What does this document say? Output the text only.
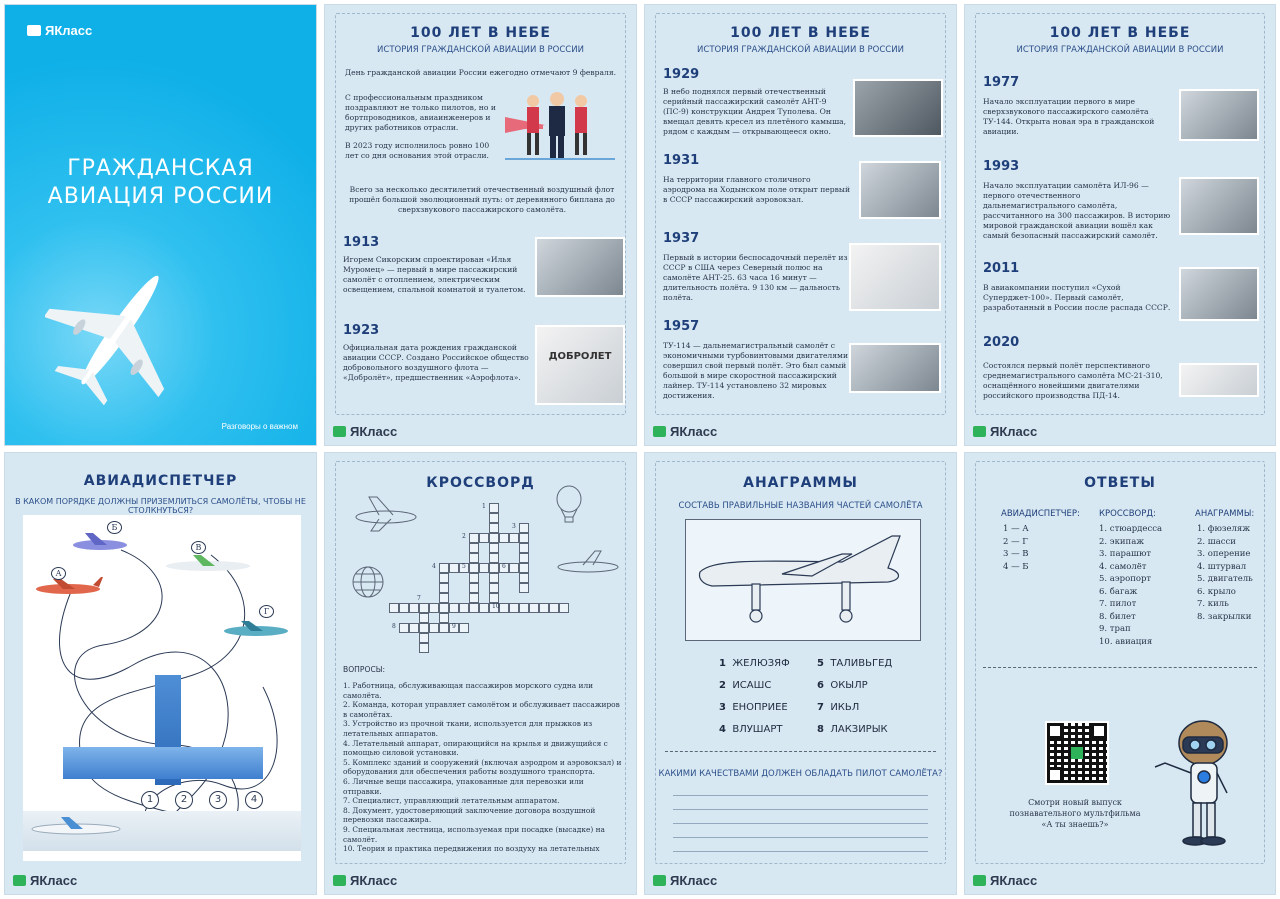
ЯКласс
ГРАЖДАНСКАЯ
АВИАЦИЯ РОССИИ
Разговоры о важном
100 ЛЕТ В НЕБЕ
ИСТОРИЯ ГРАЖДАНСКОЙ АВИАЦИИ В РОССИИ
День гражданской авиации России ежегодно отмечают 9 февраля.
С профессиональным праздником поздравляют не только пилотов, но и бортпроводников, авиаинженеров и других работников отрасли.
В 2023 году исполнилось ровно 100 лет со дня основания этой отрасли.
Всего за несколько десятилетий отечественный воздушный флот прошёл большой эволюционный путь: от деревянного биплана до сверхзвукового пассажирского самолёта.
1913
Игорем Сикорским спроектирован «Илья Муромец» — первый в мире пассажирский самолёт с отоплением, электрическим освещением, спальной комнатой и туалетом.
1923
Официальная дата рождения гражданской авиации СССР. Создано Российское общество добровольного воздушного флота — «Добролёт», предшественник «Аэрофлота».
ДОБРОЛЕТ
ЯКласс
100 ЛЕТ В НЕБЕ
ИСТОРИЯ ГРАЖДАНСКОЙ АВИАЦИИ В РОССИИ
1929
В небо поднялся первый отечественный серийный пассажирский самолёт АНТ-9 (ПС-9) конструкции Андрея Туполева. Он вмещал девять кресел из плетёного камыша, рядом с каждым — открывающееся окно.
1931
На территории главного столичного аэродрома на Ходынском поле открыт первый в СССР пассажирский аэровокзал.
1937
Первый в истории беспосадочный перелёт из СССР в США через Северный полюс на самолёте АНТ-25. 63 часа 16 минут — длительность полёта. 9 130 км — дальность полёта.
1957
ТУ-114 — дальнемагистральный самолёт с экономичными турбовинтовыми двигателями совершил свой первый полёт. Это был самый большой в мире скоростной пассажирский лайнер. ТУ-114 установлено 32 мировых достижения.
ЯКласс
100 ЛЕТ В НЕБЕ
ИСТОРИЯ ГРАЖДАНСКОЙ АВИАЦИИ В РОССИИ
1977
Начало эксплуатации первого в мире сверхзвукового пассажирского самолёта ТУ-144. Открыта новая эра в гражданской авиации.
1993
Начало эксплуатации самолёта ИЛ-96 — первого отечественного дальнемагистрального самолёта, рассчитанного на 300 пассажиров. В историю мировой гражданской авиации вошёл как самый безопасный пассажирский самолёт.
2011
В авиакомпании поступил «Сухой Суперджет-100». Первый самолёт, разработанный в России после распада СССР.
2020
Состоялся первый полёт перспективного среднемагистрального самолёта МС-21-310, оснащённого новейшими двигателями российского производства ПД-14.
ЯКласс
АВИАДИСПЕТЧЕР
В КАКОМ ПОРЯДКЕ ДОЛЖНЫ ПРИЗЕМЛИТЬСЯ САМОЛЁТЫ, ЧТОБЫ НЕ СТОЛКНУТЬСЯ?
А
Б
В
Г
1	2	3	4
ЯКласс
КРОССВОРД
1
2
3
4	5	6
7
8	9
10
ВОПРОСЫ:
1. Работница, обслуживающая пассажиров морского судна или самолёта.
2. Команда, которая управляет самолётом и обслуживает пассажиров в самолётах.
3. Устройство из прочной ткани, используется для прыжков из летательных аппаратов.
4. Летательный аппарат, опирающийся на крылья и движущийся с помощью силовой установки.
5. Комплекс зданий и сооружений (включая аэродром и аэровокзал) и оборудования для обеспечения работы воздушного транспорта.
6. Личные вещи пассажира, упакованные для перевозки или отправки.
7. Специалист, управляющий летательным аппаратом.
8. Документ, удостоверяющий заключение договора воздушной перевозки пассажира.
9. Специальная лестница, используемая при посадке (высадке) на самолёт.
10. Теория и практика передвижения по воздуху на летательных
ЯКласс
АНАГРАММЫ
СОСТАВЬ ПРАВИЛЬНЫЕ НАЗВАНИЯ ЧАСТЕЙ САМОЛЁТА
1 ЖЕЛЮЗЯФ
2 ИСАШС
3 ЕНОПРИЕЕ
4 ВЛУШАРТ
5 ТАЛИВЬГЕД
6 ОКЫЛР
7 ИКЬЛ
8 ЛАКЗИРЫК
КАКИМИ КАЧЕСТВАМИ ДОЛЖЕН ОБЛАДАТЬ ПИЛОТ САМОЛЁТА?
ЯКласс
ОТВЕТЫ
АВИАДИСПЕТЧЕР:
1 — А
2 — Г
3 — В
4 — Б
КРОССВОРД:
1. стюардесса
2. экипаж
3. парашют
4. самолёт
5. аэропорт
6. багаж
7. пилот
8. билет
9. трап
10. авиация
АНАГРАММЫ:
1. фюзеляж
2. шасси
3. оперение
4. штурвал
5. двигатель
6. крыло
7. киль
8. закрылки
Смотри новый выпуск познавательного мультфильма «А ты знаешь?»
ЯКласс
